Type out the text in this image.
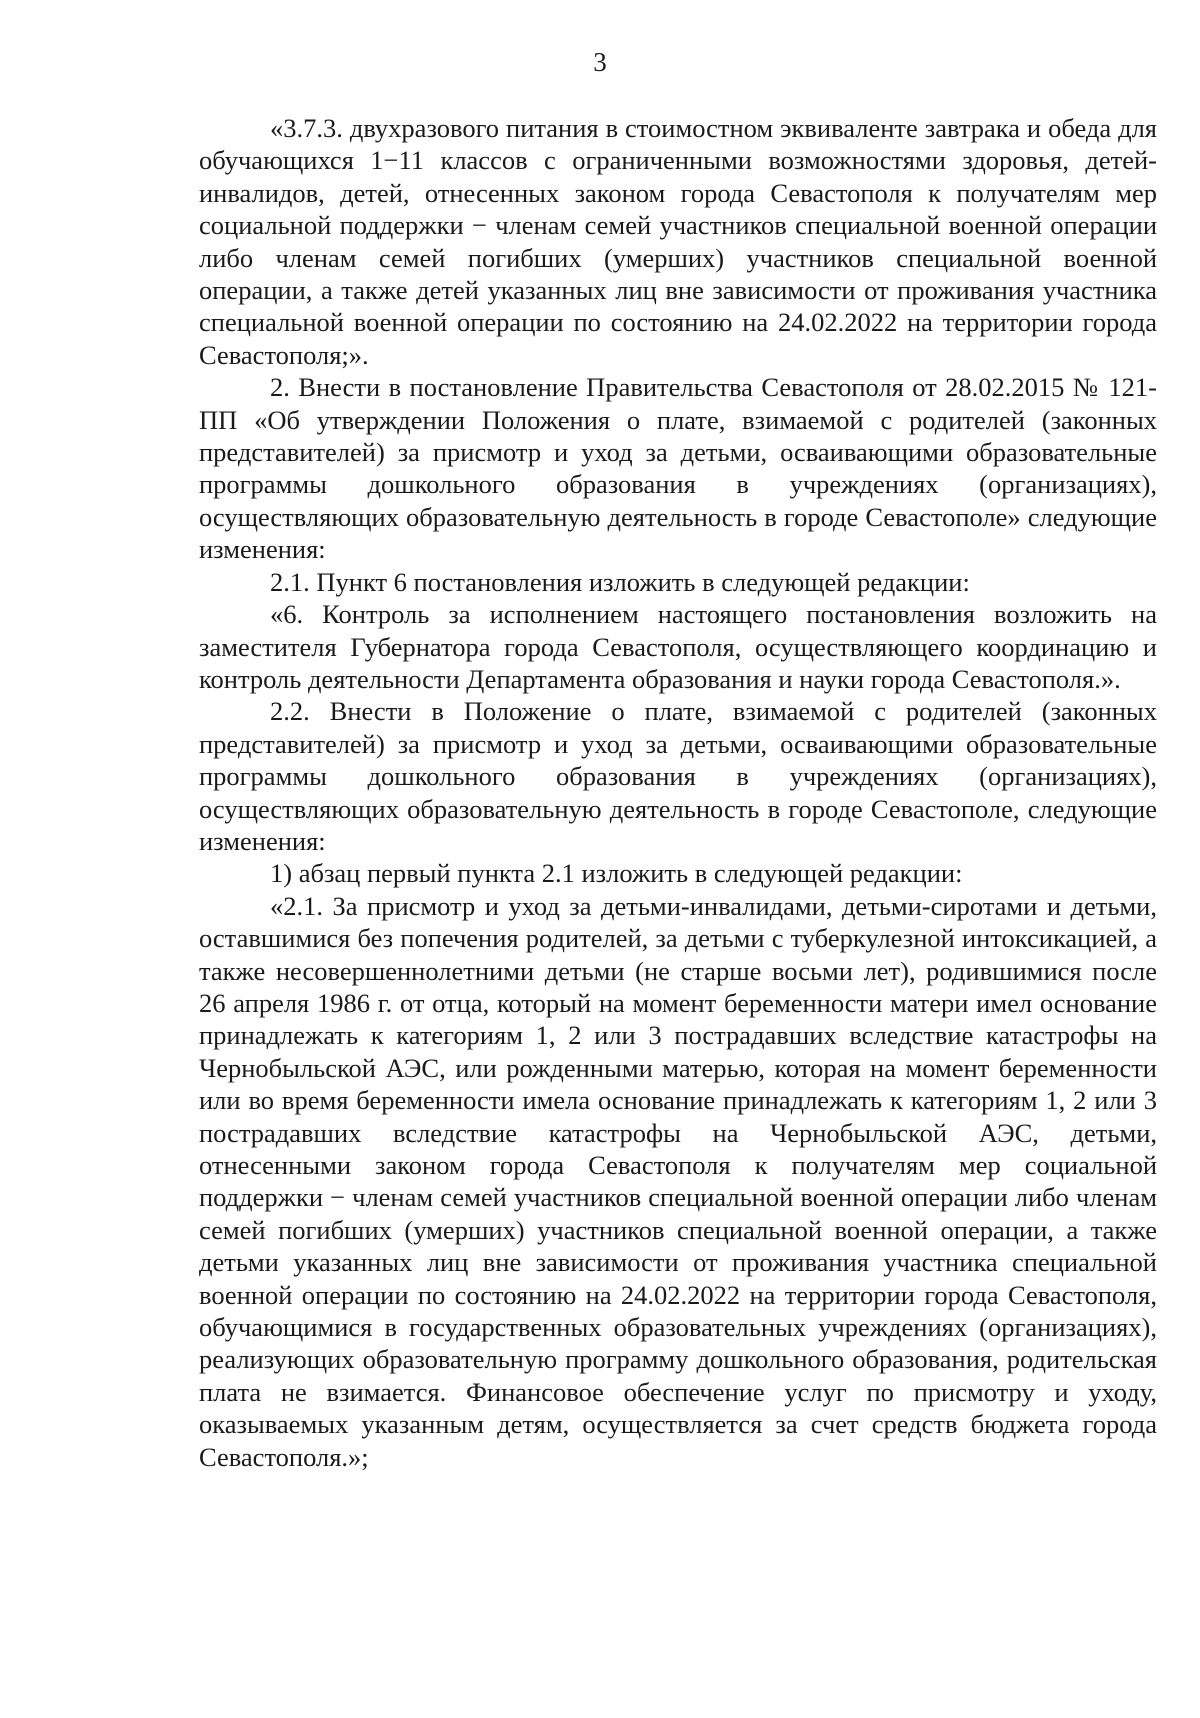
3

«3.7.3. двухразового питания в стоимостном эквиваленте завтрака и обеда для обучающихся 1−11 классов с ограниченными возможностями здоровья, детей-инвалидов, детей, отнесенных законом города Севастополя к получателям мер социальной поддержки − членам семей участников специальной военной операции либо членам семей погибших (умерших) участников специальной военной операции, а также детей указанных лиц вне зависимости от проживания участника специальной военной операции по состоянию на 24.02.2022 на территории города Севастополя;».

2. Внести в постановление Правительства Севастополя от 28.02.2015 № 121-ПП «Об утверждении Положения о плате, взимаемой с родителей (законных представителей) за присмотр и уход за детьми, осваивающими образовательные программы дошкольного образования в учреждениях (организациях), осуществляющих образовательную деятельность в городе Севастополе» следующие изменения:

2.1. Пункт 6 постановления изложить в следующей редакции:

«6. Контроль за исполнением настоящего постановления возложить на заместителя Губернатора города Севастополя, осуществляющего координацию и контроль деятельности Департамента образования и науки города Севастополя.».

2.2. Внести в Положение о плате, взимаемой с родителей (законных представителей) за присмотр и уход за детьми, осваивающими образовательные программы дошкольного образования в учреждениях (организациях), осуществляющих образовательную деятельность в городе Севастополе, следующие изменения:

1) абзац первый пункта 2.1 изложить в следующей редакции:

«2.1. За присмотр и уход за детьми-инвалидами, детьми-сиротами и детьми, оставшимися без попечения родителей, за детьми с туберкулезной интоксикацией, а также несовершеннолетними детьми (не старше восьми лет), родившимися после 26 апреля 1986 г. от отца, который на момент беременности матери имел основание принадлежать к категориям 1, 2 или 3 пострадавших вследствие катастрофы на Чернобыльской АЭС, или рожденными матерью, которая на момент беременности или во время беременности имела основание принадлежать к категориям 1, 2 или 3 пострадавших вследствие катастрофы на Чернобыльской АЭС, детьми, отнесенными законом города Севастополя к получателям мер социальной поддержки − членам семей участников специальной военной операции либо членам семей погибших (умерших) участников специальной военной операции, а также детьми указанных лиц вне зависимости от проживания участника специальной военной операции по состоянию на 24.02.2022 на территории города Севастополя, обучающимися в государственных образовательных учреждениях (организациях), реализующих образовательную программу дошкольного образования, родительская плата не взимается. Финансовое обеспечение услуг по присмотру и уходу, оказываемых указанным детям, осуществляется за счет средств бюджета города Севастополя.»;
